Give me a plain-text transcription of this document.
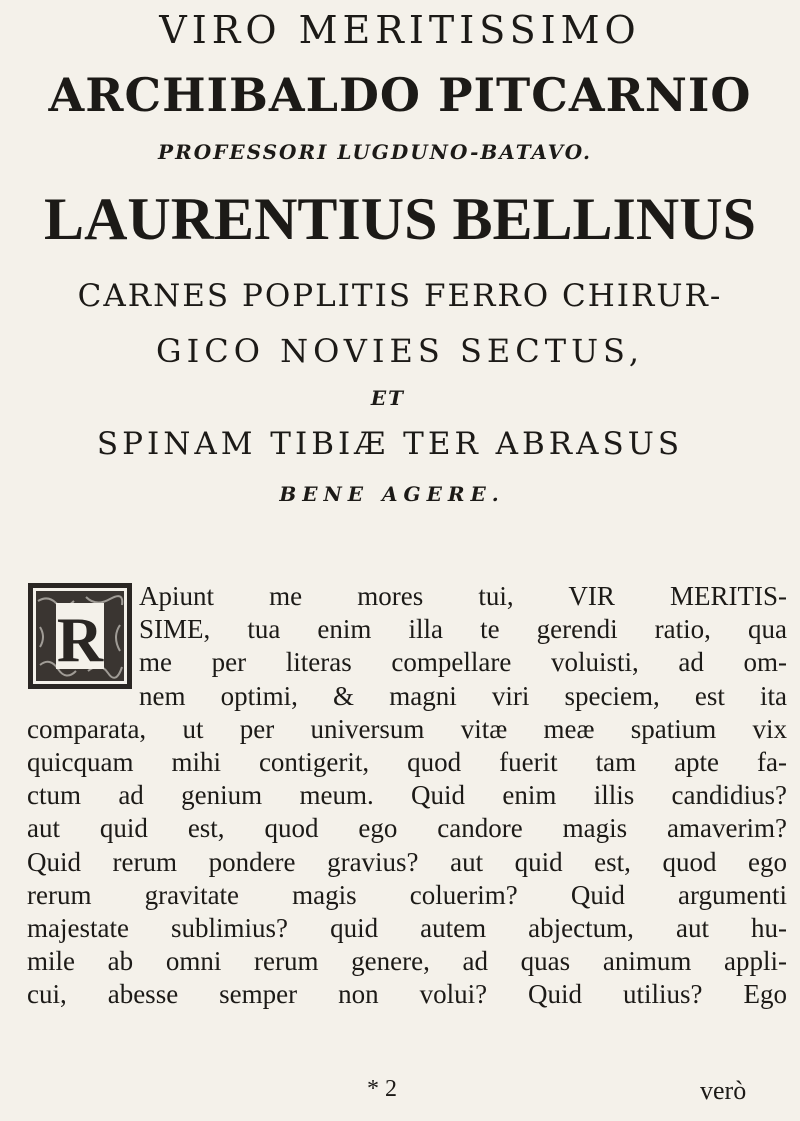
VIRO MERITISSIMO
ARCHIBALDO PITCARNIO
PROFESSORI LUGDUNO-BATAVO.
LAURENTIUS BELLINUS
CARNES POPLITIS FERRO CHIRUR-
GICO NOVIES SECTUS,
ET
SPINAM TIBIÆ TER ABRASUS
BENE AGERE.
R
Apiunt me mores tui, VIR MERITIS-
SIME, tua enim illa te gerendi ratio, qua
me per literas compellare voluisti, ad om-
nem optimi, & magni viri speciem, est ita
comparata, ut per universum vitæ meæ spatium vix
quicquam mihi contigerit, quod fuerit tam apte fa-
ctum ad genium meum. Quid enim illis candidius?
aut quid est, quod ego candore magis amaverim?
Quid rerum pondere gravius? aut quid est, quod ego
rerum gravitate magis coluerim? Quid argumenti
majestate sublimius? quid autem abjectum, aut hu-
mile ab omni rerum genere, ad quas animum appli-
cui, abesse semper non volui? Quid utilius? Ego
* 2	verò
